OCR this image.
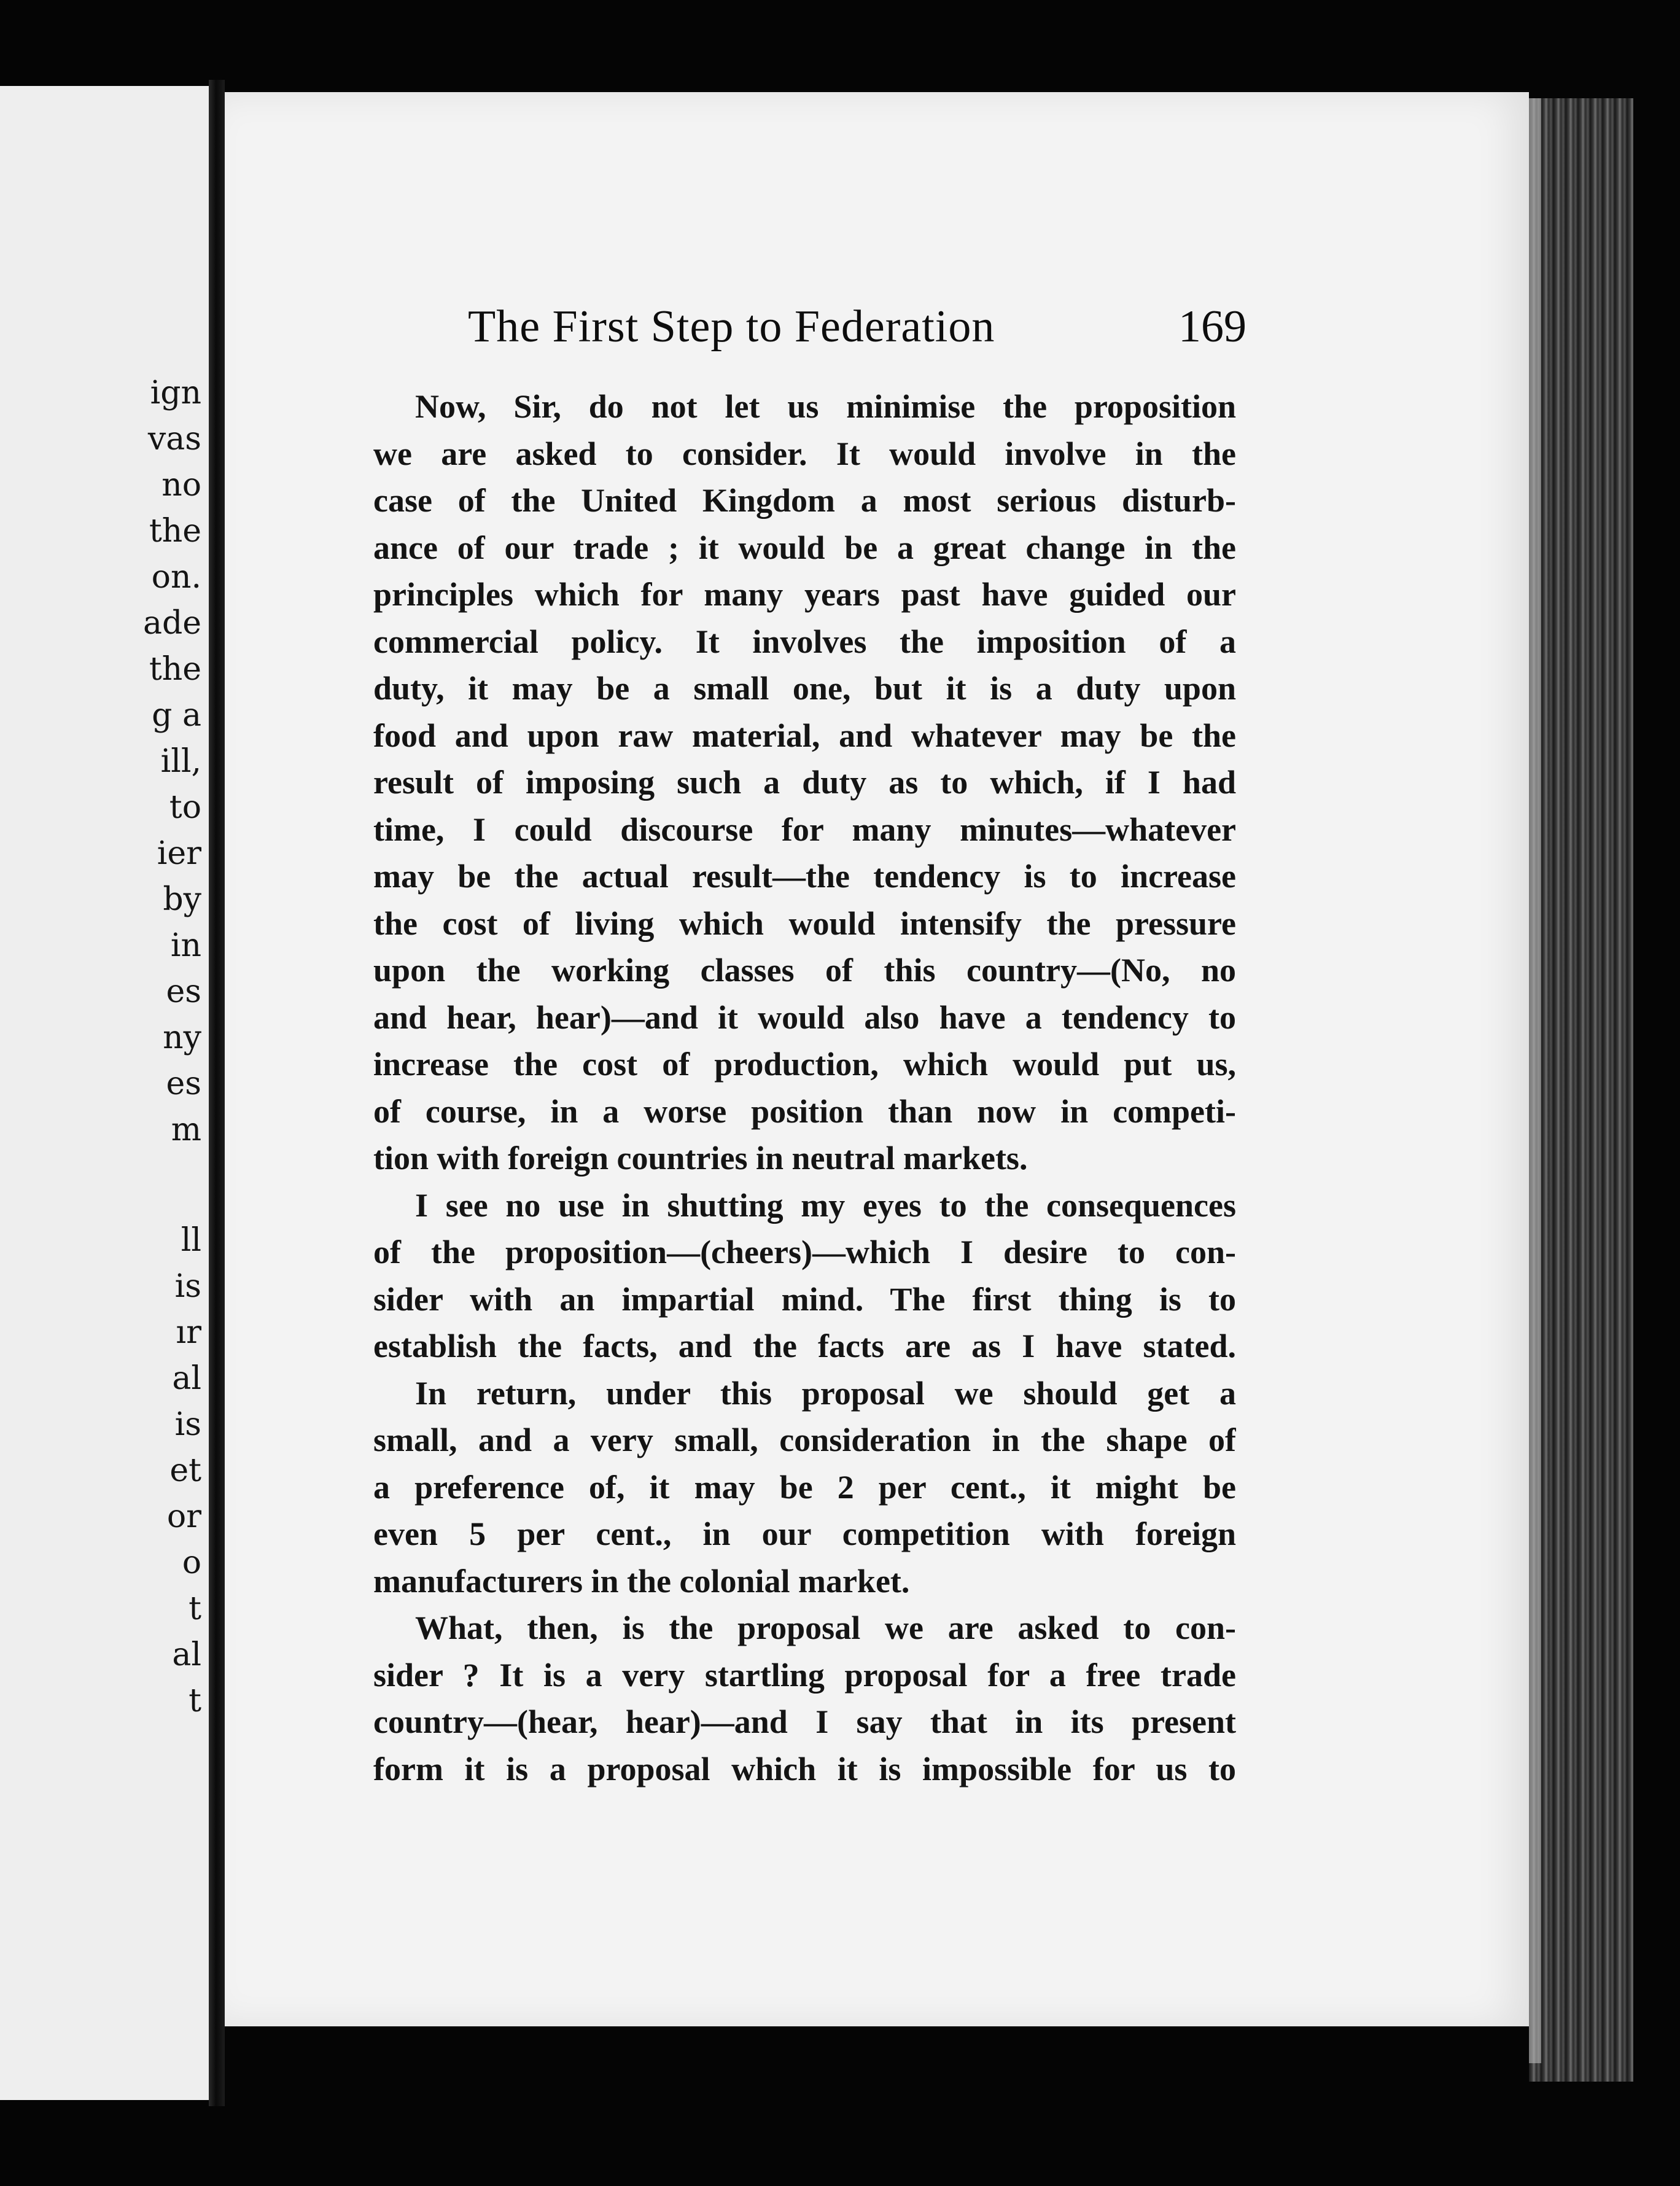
ign
vas
no
the
on.
ade
the
g a
ill,
to
ier
by
in
es
ny
es
m
ll
is
ır
al
is
et
or
o
t
al
t
The First Step to Federation	169
Now, Sir, do not let us minimise the proposition
we are asked to consider. It would involve in the
case of the United Kingdom a most serious disturb-
ance of our trade ; it would be a great change in the
principles which for many years past have guided our
commercial policy. It involves the imposition of a
duty, it may be a small one, but it is a duty upon
food and upon raw material, and whatever may be the
result of imposing such a duty as to which, if I had
time, I could discourse for many minutes—whatever
may be the actual result—the tendency is to increase
the cost of living which would intensify the pressure
upon the working classes of this country—(No, no
and hear, hear)—and it would also have a tendency to
increase the cost of production, which would put us,
of course, in a worse position than now in competi-
tion with foreign countries in neutral markets.
I see no use in shutting my eyes to the consequences
of the proposition—(cheers)—which I desire to con-
sider with an impartial mind. The first thing is to
establish the facts, and the facts are as I have stated.
In return, under this proposal we should get a
small, and a very small, consideration in the shape of
a preference of, it may be 2 per cent., it might be
even 5 per cent., in our competition with foreign
manufacturers in the colonial market.
What, then, is the proposal we are asked to con-
sider ? It is a very startling proposal for a free trade
country—(hear, hear)—and I say that in its present
form it is a proposal which it is impossible for us to
